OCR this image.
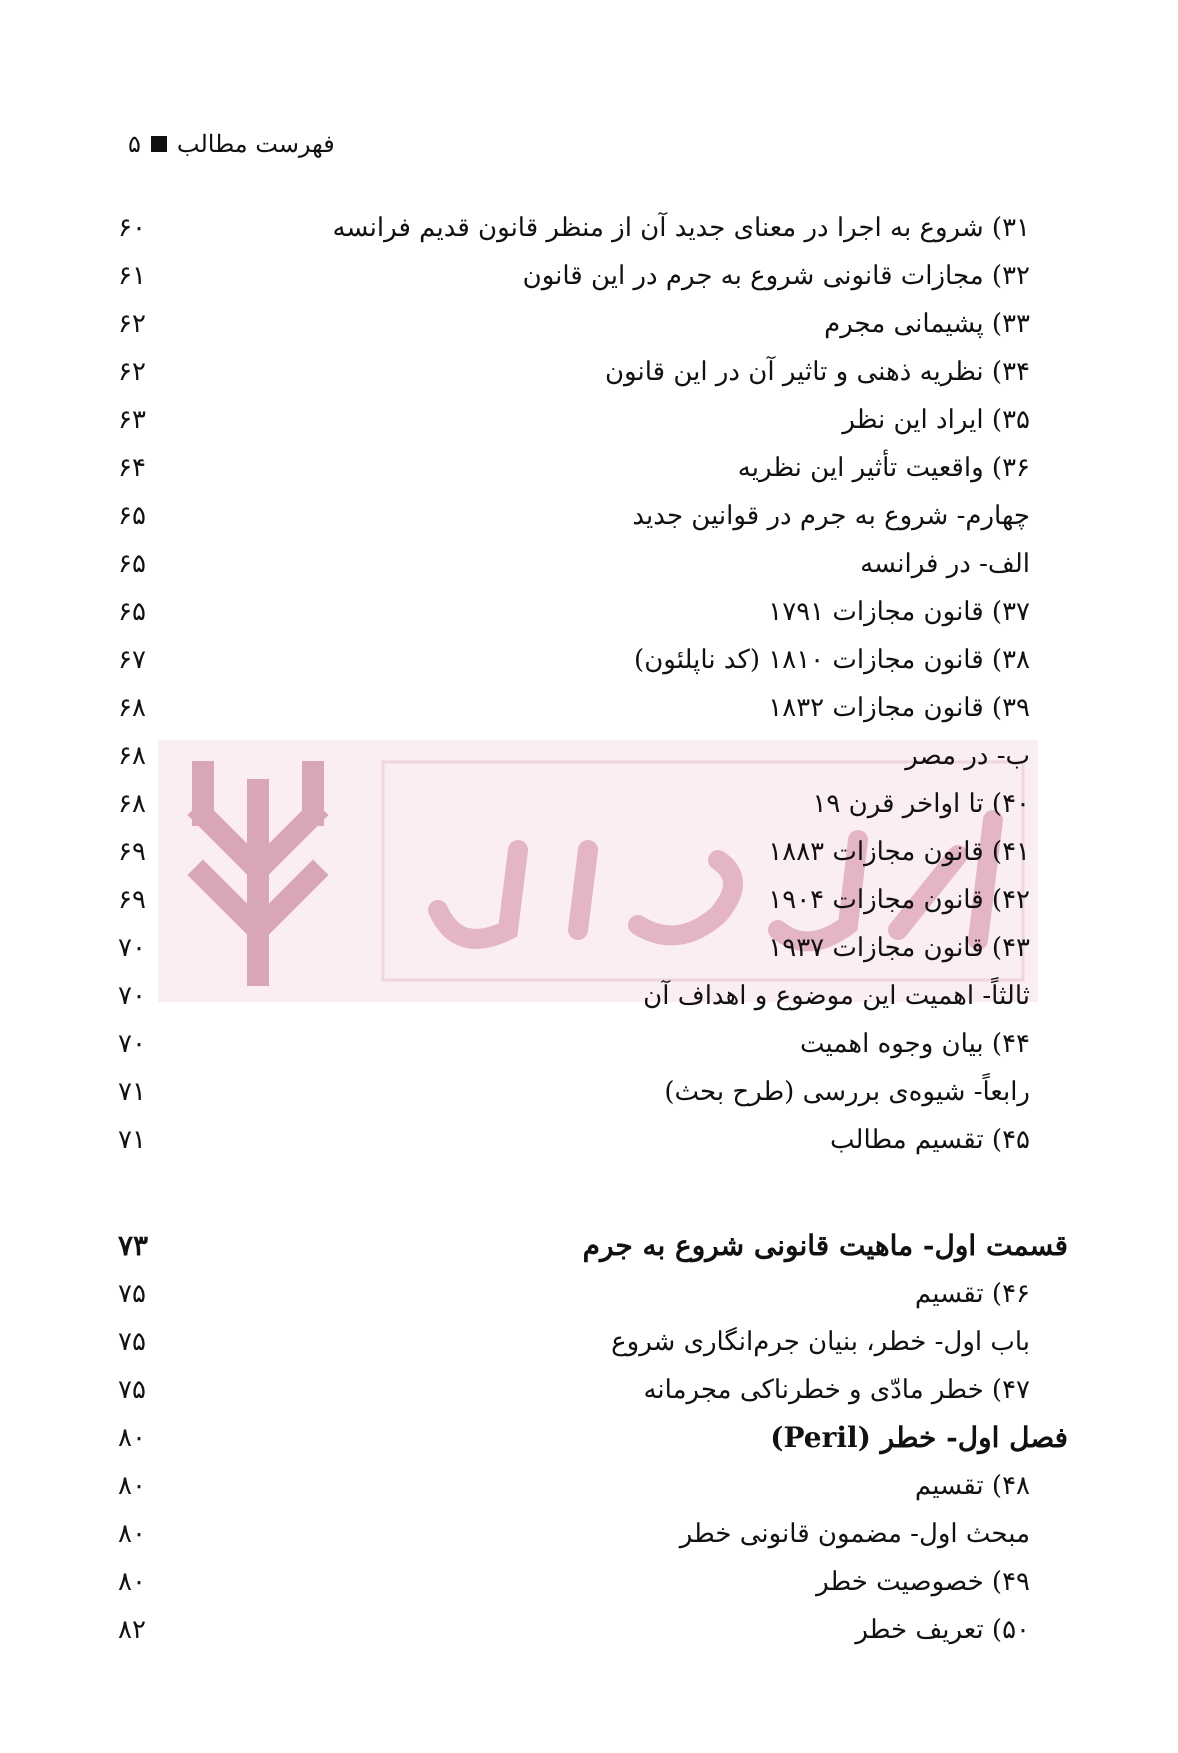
۵ فهرست مطالب
۳۱) شروع به اجرا در معنای جدید آن از منظر قانون قدیم فرانسه
۶۰
۳۲) مجازات قانونی شروع به جرم در این قانون
۶۱
۳۳) پشیمانی مجرم
۶۲
۳۴) نظریه ذهنی و تاثیر آن در این قانون
۶۲
۳۵) ایراد این نظر
۶۳
۳۶) واقعیت تأثیر این نظریه
۶۴
چهارم- شروع به جرم در قوانین جدید
۶۵
الف- در فرانسه
۶۵
۳۷) قانون مجازات ۱۷۹۱
۶۵
۳۸) قانون مجازات ۱۸۱۰ (کد ناپلئون)
۶۷
۳۹) قانون مجازات ۱۸۳۲
۶۸
ب- در مصر
۶۸
۴۰) تا اواخر قرن ۱۹
۶۸
۴۱) قانون مجازات ۱۸۸۳
۶۹
۴۲) قانون مجازات ۱۹۰۴
۶۹
۴۳) قانون مجازات ۱۹۳۷
۷۰
ثالثاً- اهمیت این موضوع و اهداف آن
۷۰
۴۴) بیان وجوه اهمیت
۷۰
رابعاً- شیوه‌ی بررسی (طرح بحث)
۷۱
۴۵) تقسیم مطالب
۷۱
قسمت اول- ماهیت قانونی شروع به جرم
۷۳
۴۶) تقسیم
۷۵
باب اول- خطر، بنیان جرم‌انگاری شروع
۷۵
۴۷) خطر مادّی و خطرناکی مجرمانه
۷۵
فصل اول- خطر (Peril)
۸۰
۴۸) تقسیم
۸۰
مبحث اول- مضمون قانونی خطر
۸۰
۴۹) خصوصیت خطر
۸۰
۵۰) تعریف خطر
۸۲
